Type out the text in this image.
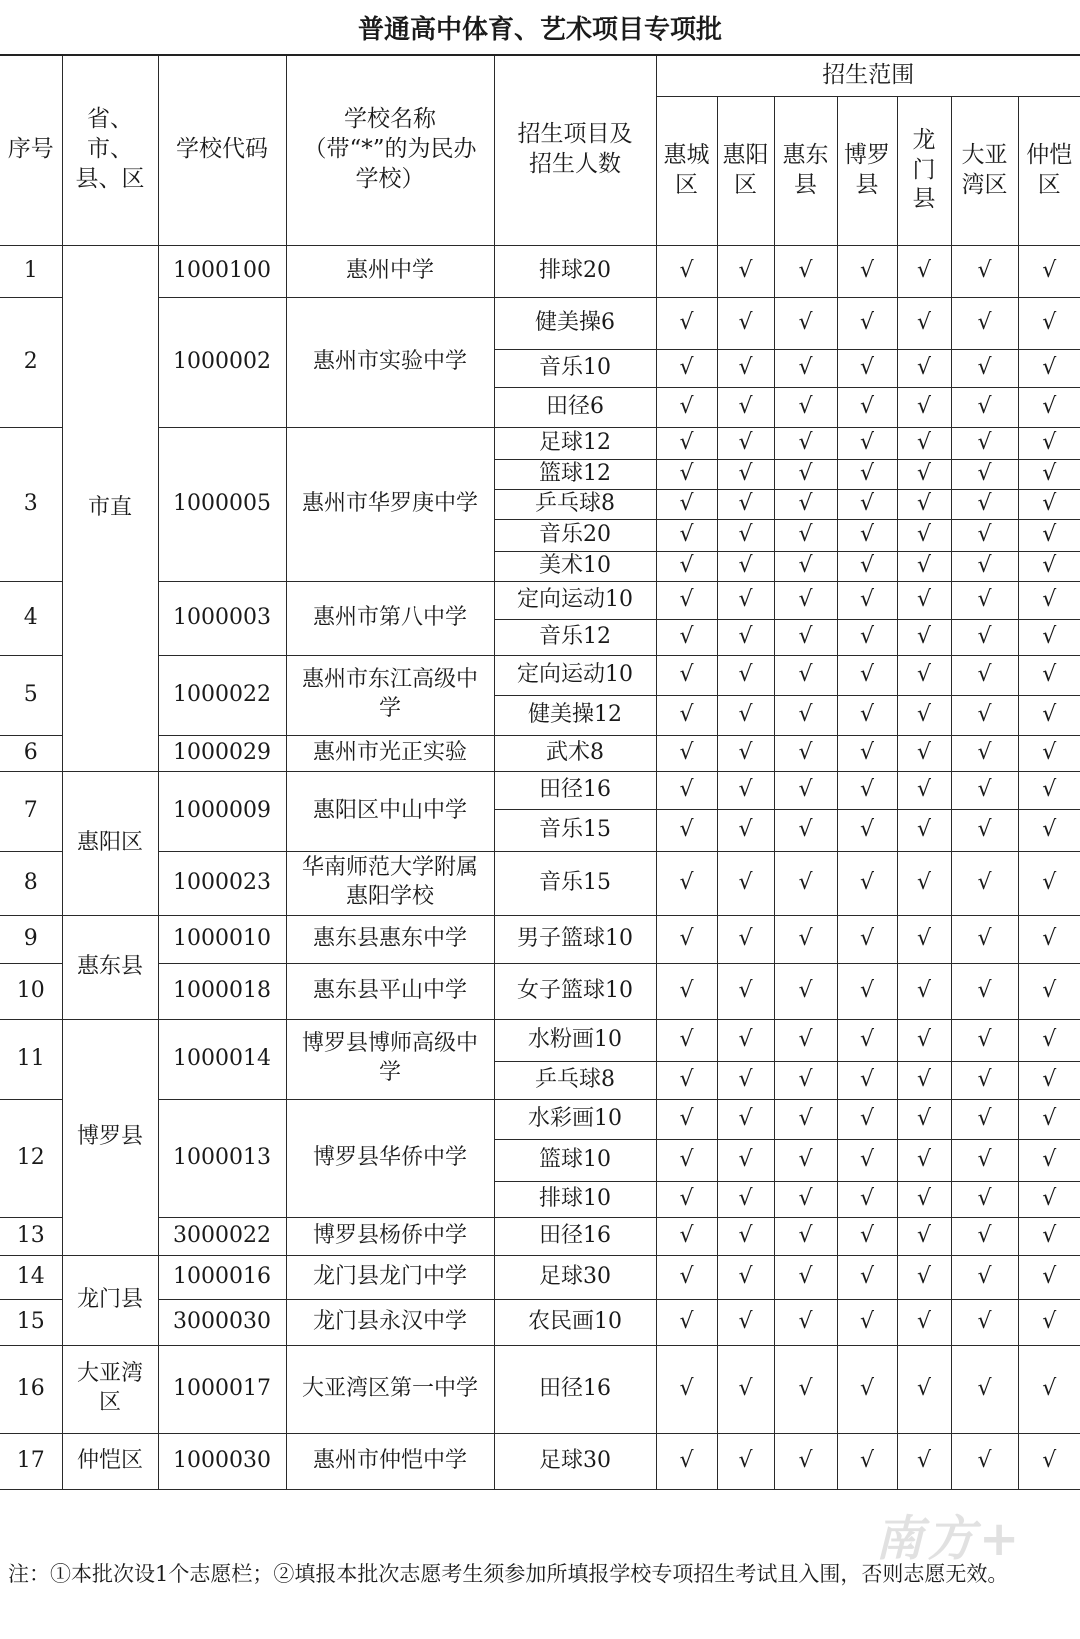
普通高中体育、艺术项目专项批
序号	省、市、县、区	学校代码	学校名称（带“*”的为民办学校）	招生项目及招生人数	招生范围						

					惠城区	惠阳区	惠东县	博罗县	龙门县	大亚湾区	仲恺区

1	市直	1000100	惠州中学	排球20	√	√	√	√	√	√	√
2		1000002	惠州市实验中学	健美操6	√	√	√	√	√	√	√
				音乐10	√	√	√	√	√	√	√
				田径6	√	√	√	√	√	√	√
3		1000005	惠州市华罗庚中学	足球12	√	√	√	√	√	√	√
				篮球12	√	√	√	√	√	√	√
				乒乓球8	√	√	√	√	√	√	√
				音乐20	√	√	√	√	√	√	√
				美术10	√	√	√	√	√	√	√
4		1000003	惠州市第八中学	定向运动10	√	√	√	√	√	√	√
				音乐12	√	√	√	√	√	√	√
5		1000022	惠州市东江高级中学	定向运动10	√	√	√	√	√	√	√
				健美操12	√	√	√	√	√	√	√
6		1000029	惠州市光正实验	武术8	√	√	√	√	√	√	√
7	惠阳区	1000009	惠阳区中山中学	田径16	√	√	√	√	√	√	√
				音乐15	√	√	√	√	√	√	√
8		1000023	华南师范大学附属惠阳学校	音乐15	√	√	√	√	√	√	√
9	惠东县	1000010	惠东县惠东中学	男子篮球10	√	√	√	√	√	√	√
10		1000018	惠东县平山中学	女子篮球10	√	√	√	√	√	√	√
11	博罗县	1000014	博罗县博师高级中学	水粉画10	√	√	√	√	√	√	√
				乒乓球8	√	√	√	√	√	√	√
12		1000013	博罗县华侨中学	水彩画10	√	√	√	√	√	√	√
				篮球10	√	√	√	√	√	√	√
				排球10	√	√	√	√	√	√	√
13		3000022	博罗县杨侨中学	田径16	√	√	√	√	√	√	√
14	龙门县	1000016	龙门县龙门中学	足球30	√	√	√	√	√	√	√
15		3000030	龙门县永汉中学	农民画10	√	√	√	√	√	√	√
16	大亚湾区	1000017	大亚湾区第一中学	田径16	√	√	√	√	√	√	√
17	仲恺区	1000030	惠州市仲恺中学	足球30	√	√	√	√	√	√	√
注：①本批次设1个志愿栏；②填报本批次志愿考生须参加所填报学校专项招生考试且入围，否则志愿无效。
南方+
